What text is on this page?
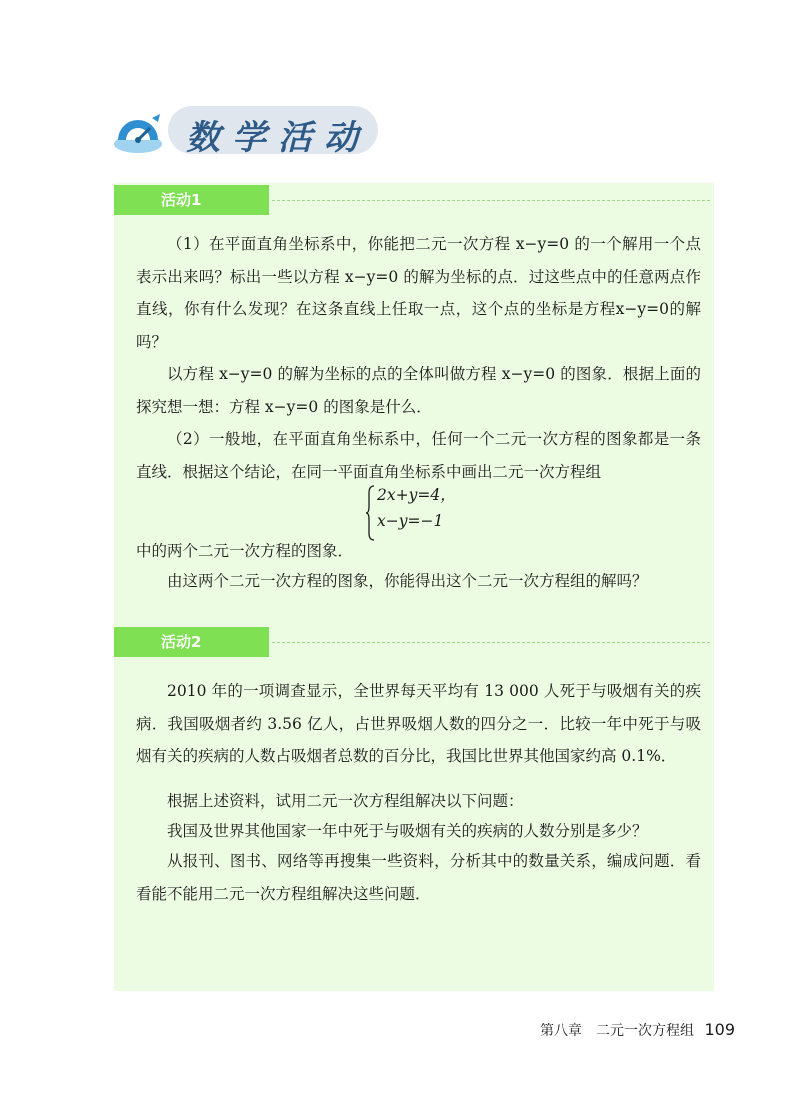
数学活动
活动1

（1）在平面直角坐标系中，你能把二元一次方程 x−y=0 的一个解用一个点表示出来吗？标出一些以方程 x−y=0 的解为坐标的点．过这些点中的任意两点作直线，你有什么发现？在这条直线上任取一点，这个点的坐标是方程x−y=0的解吗？

以方程 x−y=0 的解为坐标的点的全体叫做方程 x−y=0 的图象．根据上面的探究想一想：方程 x−y=0 的图象是什么．

（2）一般地，在平面直角坐标系中，任何一个二元一次方程的图象都是一条直线．根据这个结论，在同一平面直角坐标系中画出二元一次方程组

2x+y=4，
x−y=−1

中的两个二元一次方程的图象．

由这两个二元一次方程的图象，你能得出这个二元一次方程组的解吗？

活动2

2010 年的一项调查显示，全世界每天平均有 13 000 人死于与吸烟有关的疾病．我国吸烟者约 3.56 亿人，占世界吸烟人数的四分之一．比较一年中死于与吸烟有关的疾病的人数占吸烟者总数的百分比，我国比世界其他国家约高 0.1%．

根据上述资料，试用二元一次方程组解决以下问题：

我国及世界其他国家一年中死于与吸烟有关的疾病的人数分别是多少？

从报刊、图书、网络等再搜集一些资料，分析其中的数量关系，编成问题．看看能不能用二元一次方程组解决这些问题．

第八章　二元一次方程组 109
